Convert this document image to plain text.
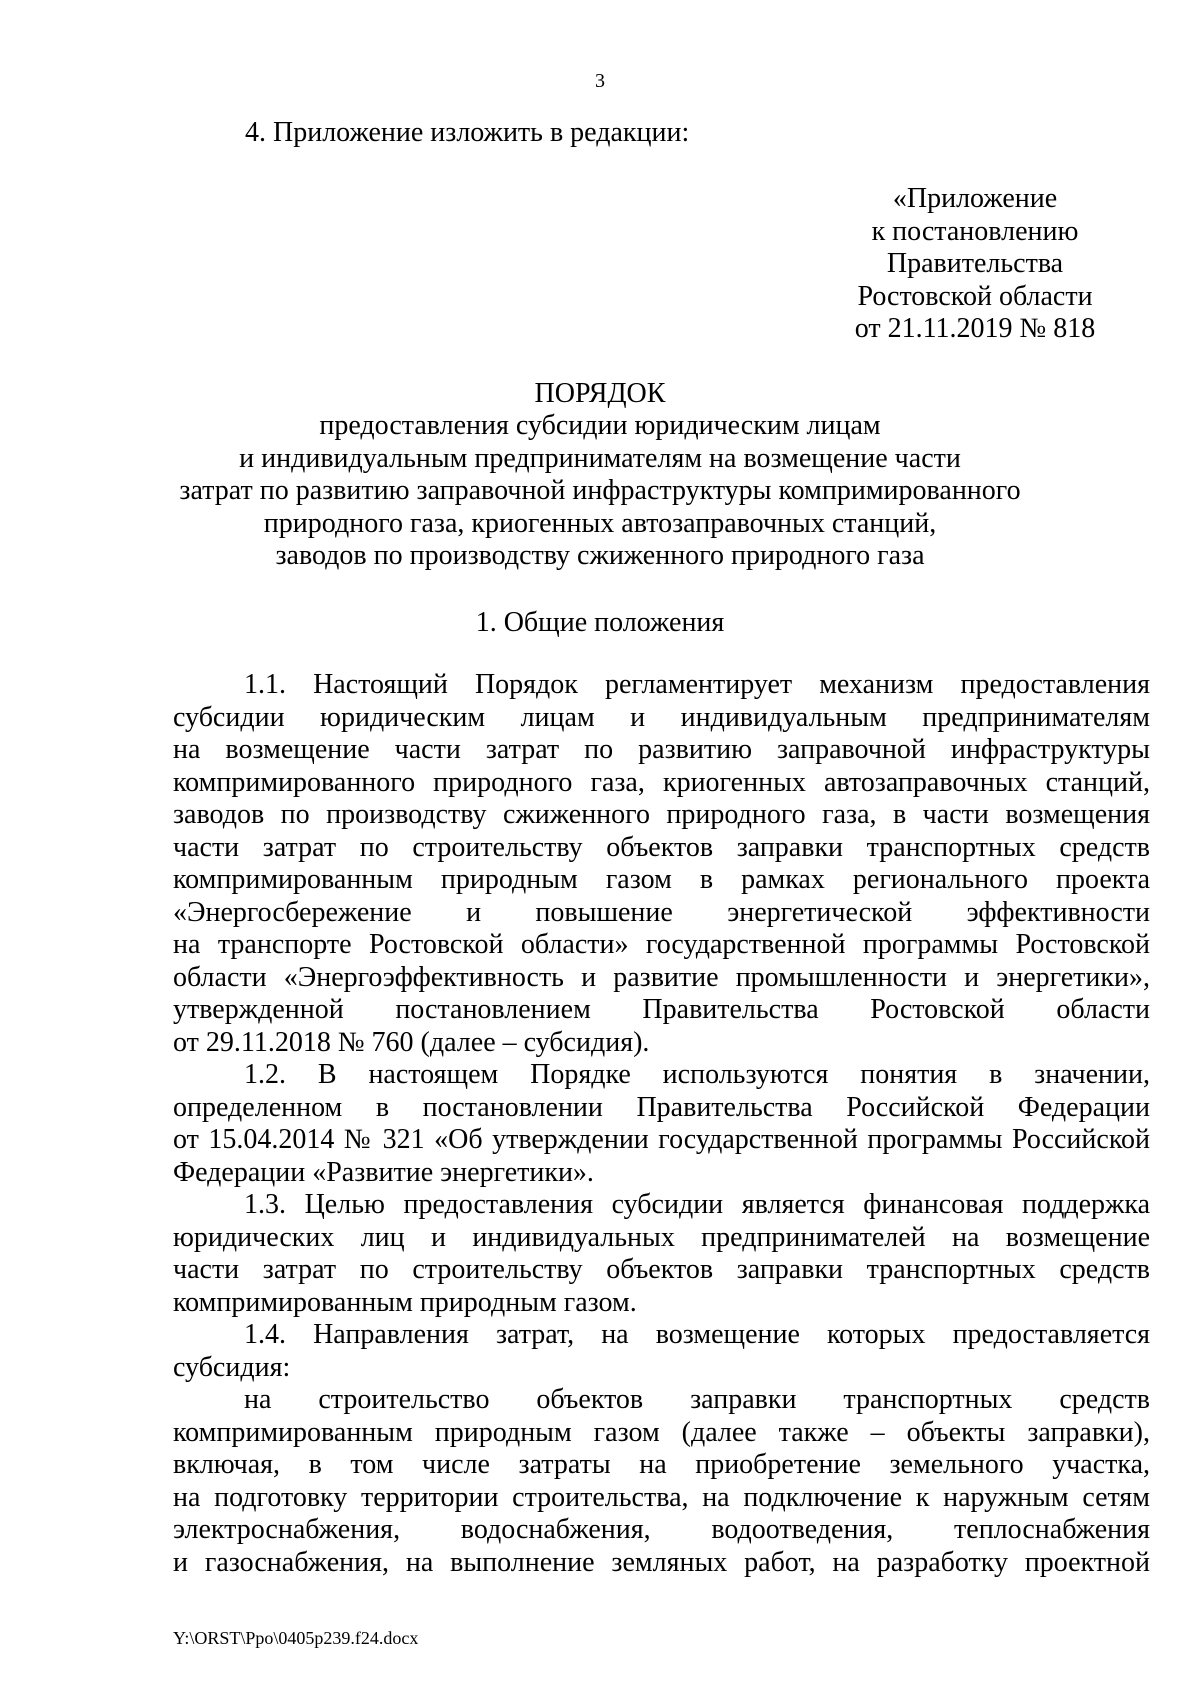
3
4. Приложение изложить в редакции:
«Приложение
к постановлению
Правительства
Ростовской области
от 21.11.2019 № 818
ПОРЯДОК
предоставления субсидии юридическим лицам
и индивидуальным предпринимателям на возмещение части
затрат по развитию заправочной инфраструктуры компримированного
природного газа, криогенных автозаправочных станций,
заводов по производству сжиженного природного газа
1. Общие положения
1.1. Настоящий Порядок регламентирует механизм предоставления
субсидии юридическим лицам и индивидуальным предпринимателям
на возмещение части затрат по развитию заправочной инфраструктуры
компримированного природного газа, криогенных автозаправочных станций,
заводов по производству сжиженного природного газа, в части возмещения
части затрат по строительству объектов заправки транспортных средств
компримированным природным газом в рамках регионального проекта
«Энергосбережение и повышение энергетической эффективности
на транспорте Ростовской области» государственной программы Ростовской
области «Энергоэффективность и развитие промышленности и энергетики»,
утвержденной постановлением Правительства Ростовской области
от 29.11.2018 № 760 (далее – субсидия).
1.2. В настоящем Порядке используются понятия в значении,
определенном в постановлении Правительства Российской Федерации
от 15.04.2014 № 321 «Об утверждении государственной программы Российской
Федерации «Развитие энергетики».
1.3. Целью предоставления субсидии является финансовая поддержка
юридических лиц и индивидуальных предпринимателей на возмещение
части затрат по строительству объектов заправки транспортных средств
компримированным природным газом.
1.4. Направления затрат, на возмещение которых предоставляется
субсидия:
на строительство объектов заправки транспортных средств
компримированным природным газом (далее также – объекты заправки),
включая, в том числе затраты на приобретение земельного участка,
на подготовку территории строительства, на подключение к наружным сетям
электроснабжения, водоснабжения, водоотведения, теплоснабжения
и газоснабжения, на выполнение земляных работ, на разработку проектной
Y:\ORST\Ppo\0405p239.f24.docx
